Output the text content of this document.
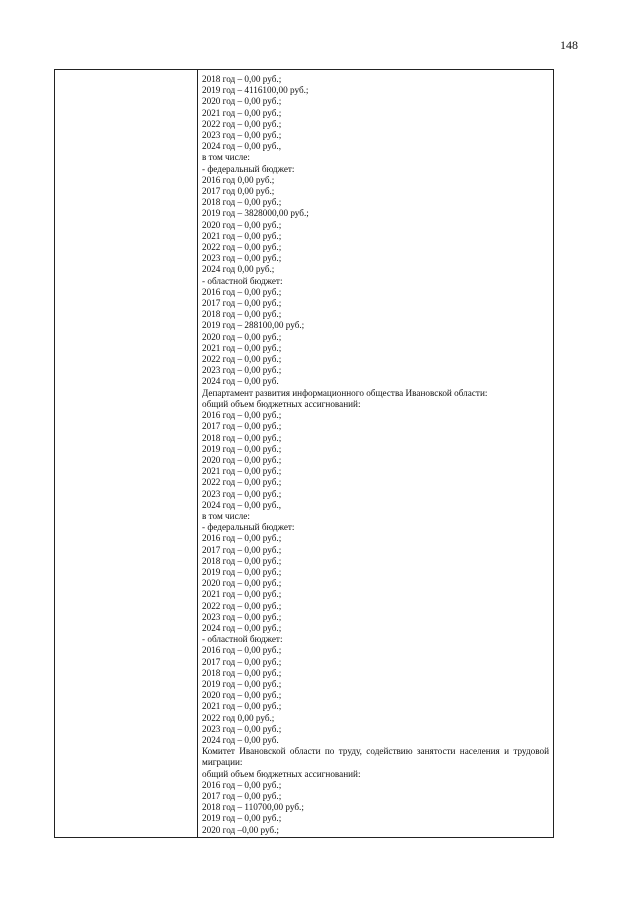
148
2018 год – 0,00 руб.;
2019 год – 4116100,00 руб.;
2020 год – 0,00 руб.;
2021 год – 0,00 руб.;
2022 год – 0,00 руб.;
2023 год – 0,00 руб.;
2024 год – 0,00 руб.,
в том числе:
- федеральный бюджет:
2016 год 0,00 руб.;
2017 год 0,00 руб.;
2018 год – 0,00 руб.;
2019 год – 3828000,00 руб.;
2020 год – 0,00 руб.;
2021 год – 0,00 руб.;
2022 год – 0,00 руб.;
2023 год – 0,00 руб.;
2024 год 0,00 руб.;
- областной бюджет:
2016 год – 0,00 руб.;
2017 год – 0,00 руб.;
2018 год – 0,00 руб.;
2019 год – 288100,00 руб.;
2020 год – 0,00 руб.;
2021 год – 0,00 руб.;
2022 год – 0,00 руб.;
2023 год – 0,00 руб.;
2024 год – 0,00 руб.
Департамент развития информационного общества Ивановской области:
общий объем бюджетных ассигнований:
2016 год – 0,00 руб.;
2017 год – 0,00 руб.;
2018 год – 0,00 руб.;
2019 год – 0,00 руб.;
2020 год – 0,00 руб.;
2021 год – 0,00 руб.;
2022 год – 0,00 руб.;
2023 год – 0,00 руб.;
2024 год – 0,00 руб.,
в том числе:
- федеральный бюджет:
2016 год – 0,00 руб.;
2017 год – 0,00 руб.;
2018 год – 0,00 руб.;
2019 год – 0,00 руб.;
2020 год – 0,00 руб.;
2021 год – 0,00 руб.;
2022 год – 0,00 руб.;
2023 год – 0,00 руб.;
2024 год – 0,00 руб.;
- областной бюджет:
2016 год – 0,00 руб.;
2017 год – 0,00 руб.;
2018 год – 0,00 руб.;
2019 год – 0,00 руб.;
2020 год – 0,00 руб.;
2021 год – 0,00 руб.;
2022 год 0,00 руб.;
2023 год – 0,00 руб.;
2024 год – 0,00 руб.
Комитет Ивановской области по труду, содействию занятости населения и трудовой миграции:
общий объем бюджетных ассигнований:
2016 год – 0,00 руб.;
2017 год – 0,00 руб.;
2018 год – 110700,00 руб.;
2019 год – 0,00 руб.;
2020 год –0,00 руб.;
